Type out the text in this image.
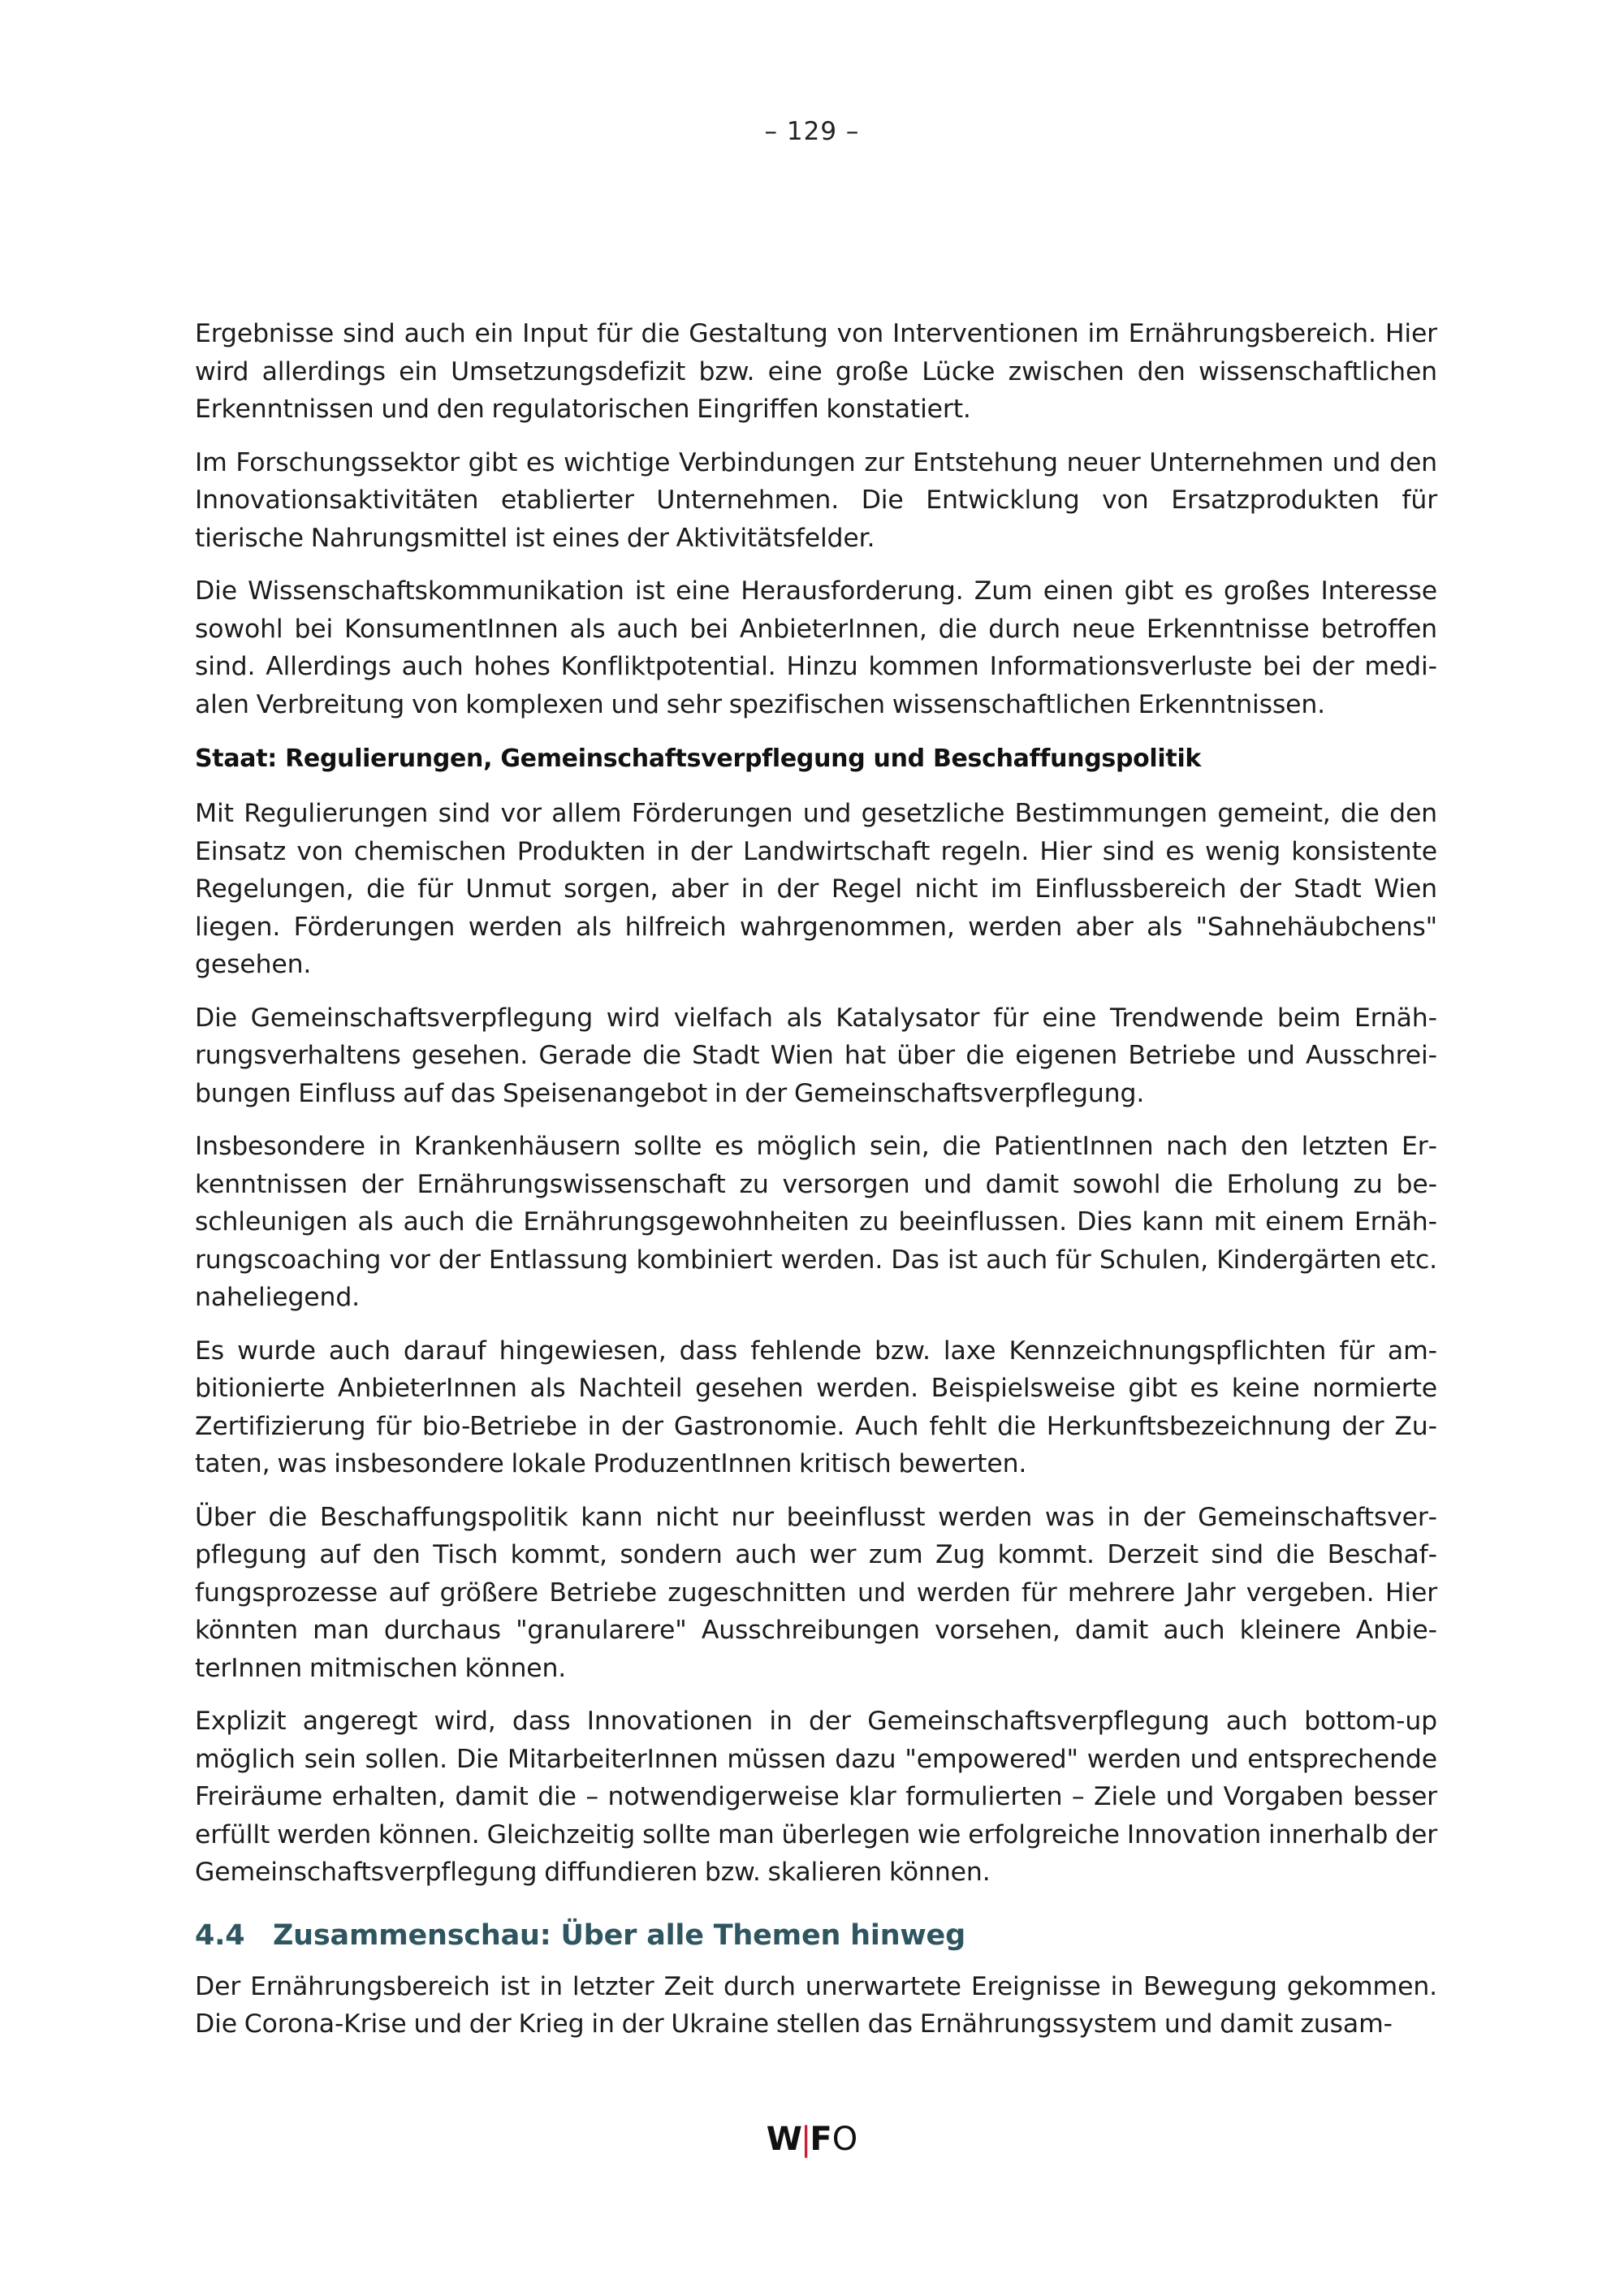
– 129 –

Ergebnisse sind auch ein Input für die Gestaltung von Interventionen im Ernährungsbereich. Hier wird allerdings ein Umsetzungsdefizit bzw. eine große Lücke zwischen den wissenschaftlichen Erkenntnissen und den regulatorischen Eingriffen konstatiert.

Im Forschungssektor gibt es wichtige Verbindungen zur Entstehung neuer Unternehmen und den Innovationsaktivitäten etablierter Unternehmen. Die Entwicklung von Ersatzprodukten für tierische Nahrungsmittel ist eines der Aktivitätsfelder.

Die Wissenschaftskommunikation ist eine Herausforderung. Zum einen gibt es großes Interesse sowohl bei KonsumentInnen als auch bei AnbieterInnen, die durch neue Erkenntnisse betroffen sind. Allerdings auch hohes Konfliktpotential. Hinzu kommen Informationsverluste bei der medialen Verbreitung von komplexen und sehr spezifischen wissenschaftlichen Erkenntnissen.

Staat: Regulierungen, Gemeinschaftsverpflegung und Beschaffungspolitik

Mit Regulierungen sind vor allem Förderungen und gesetzliche Bestimmungen gemeint, die den Einsatz von chemischen Produkten in der Landwirtschaft regeln. Hier sind es wenig konsistente Regelungen, die für Unmut sorgen, aber in der Regel nicht im Einflussbereich der Stadt Wien liegen. Förderungen werden als hilfreich wahrgenommen, werden aber als "Sahnehäubchens" gesehen.

Die Gemeinschaftsverpflegung wird vielfach als Katalysator für eine Trendwende beim Ernährungsverhaltens gesehen. Gerade die Stadt Wien hat über die eigenen Betriebe und Ausschreibungen Einfluss auf das Speisenangebot in der Gemeinschaftsverpflegung.

Insbesondere in Krankenhäusern sollte es möglich sein, die PatientInnen nach den letzten Erkenntnissen der Ernährungswissenschaft zu versorgen und damit sowohl die Erholung zu beschleunigen als auch die Ernährungsgewohnheiten zu beeinflussen. Dies kann mit einem Ernährungscoaching vor der Entlassung kombiniert werden. Das ist auch für Schulen, Kindergärten etc. naheliegend.

Es wurde auch darauf hingewiesen, dass fehlende bzw. laxe Kennzeichnungspflichten für ambitionierte AnbieterInnen als Nachteil gesehen werden. Beispielsweise gibt es keine normierte Zertifizierung für bio-Betriebe in der Gastronomie. Auch fehlt die Herkunftsbezeichnung der Zutaten, was insbesondere lokale ProduzentInnen kritisch bewerten.

Über die Beschaffungspolitik kann nicht nur beeinflusst werden was in der Gemeinschaftsverpflegung auf den Tisch kommt, sondern auch wer zum Zug kommt. Derzeit sind die Beschaffungsprozesse auf größere Betriebe zugeschnitten und werden für mehrere Jahr vergeben. Hier könnten man durchaus "granularere" Ausschreibungen vorsehen, damit auch kleinere AnbieterInnen mitmischen können.

Explizit angeregt wird, dass Innovationen in der Gemeinschaftsverpflegung auch bottom-up möglich sein sollen. Die MitarbeiterInnen müssen dazu "empowered" werden und entsprechende Freiräume erhalten, damit die – notwendigerweise klar formulierten – Ziele und Vorgaben besser erfüllt werden können. Gleichzeitig sollte man überlegen wie erfolgreiche Innovation innerhalb der Gemeinschaftsverpflegung diffundieren bzw. skalieren können.

4.4 Zusammenschau: Über alle Themen hinweg

Der Ernährungsbereich ist in letzter Zeit durch unerwartete Ereignisse in Bewegung gekommen. Die Corona-Krise und der Krieg in der Ukraine stellen das Ernährungssystem und damit zusam-

W|FO
